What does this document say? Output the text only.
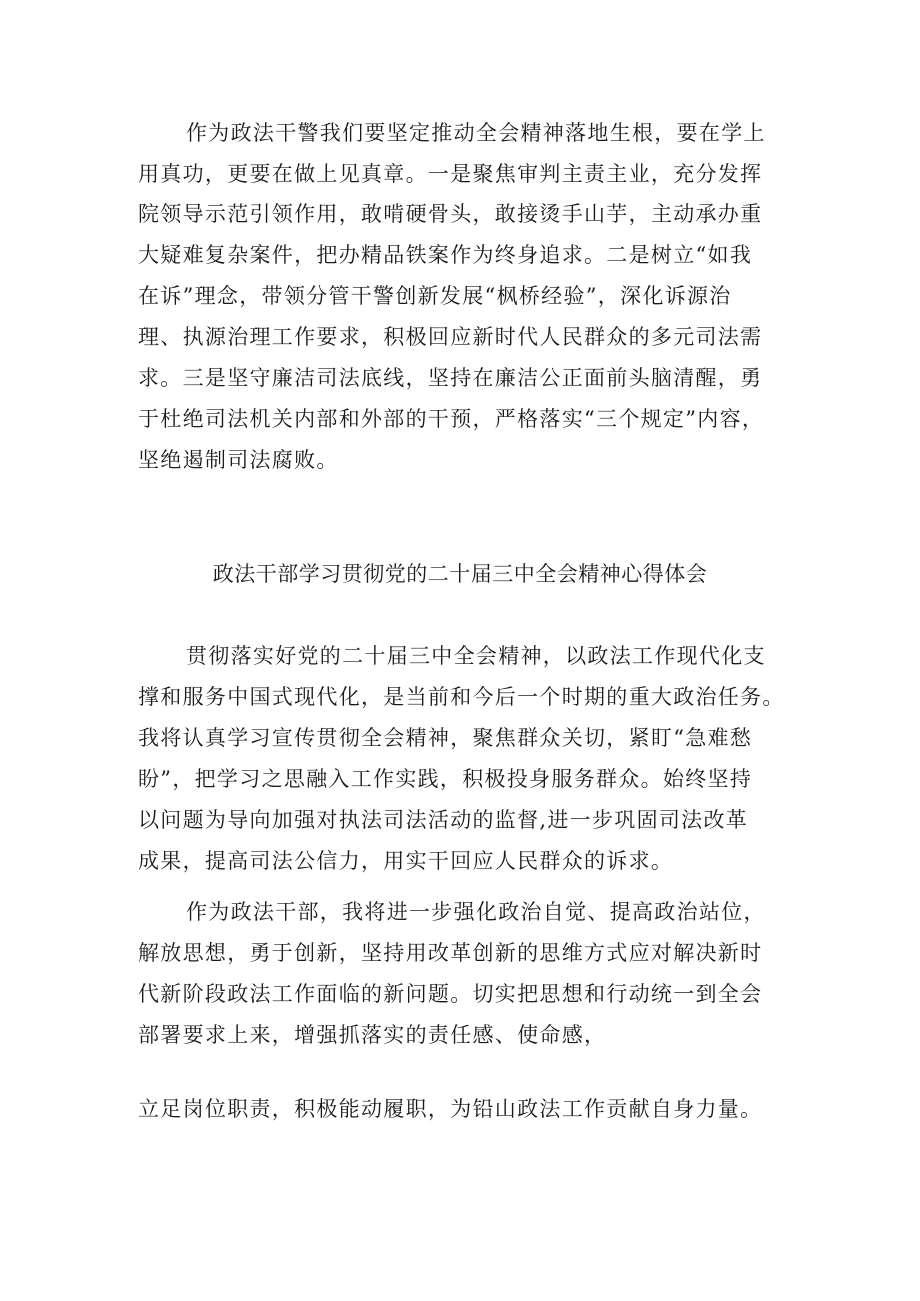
作为政法干警我们要坚定推动全会精神落地生根，要在学上
用真功，更要在做上见真章。一是聚焦审判主责主业，充分发挥
院领导示范引领作用，敢啃硬骨头，敢接烫手山芋，主动承办重
大疑难复杂案件，把办精品铁案作为终身追求。二是树立“如我
在诉”理念，带领分管干警创新发展“枫桥经验”，深化诉源治
理、执源治理工作要求，积极回应新时代人民群众的多元司法需
求。三是坚守廉洁司法底线，坚持在廉洁公正面前头脑清醒，勇
于杜绝司法机关内部和外部的干预，严格落实“三个规定”内容，
坚绝遏制司法腐败。
政法干部学习贯彻党的二十届三中全会精神心得体会
贯彻落实好党的二十届三中全会精神，以政法工作现代化支
撑和服务中国式现代化，是当前和今后一个时期的重大政治任务。
我将认真学习宣传贯彻全会精神，聚焦群众关切，紧盯“急难愁
盼”，把学习之思融入工作实践，积极投身服务群众。始终坚持
以问题为导向加强对执法司法活动的监督,进一步巩固司法改革
成果，提高司法公信力，用实干回应人民群众的诉求。
作为政法干部，我将进一步强化政治自觉、提高政治站位，
解放思想，勇于创新，坚持用改革创新的思维方式应对解决新时
代新阶段政法工作面临的新问题。切实把思想和行动统一到全会
部署要求上来，增强抓落实的责任感、使命感，
立足岗位职责，积极能动履职，为铅山政法工作贡献自身力量。
